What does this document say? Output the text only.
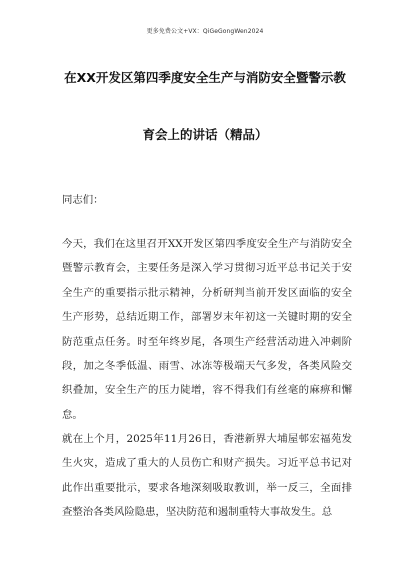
更多免费公文+VX：QiGeGongWen2024
在XX开发区第四季度安全生产与消防安全暨警示教
育会上的讲话（精品）

同志们：

今天，我们在这里召开XX开发区第四季度安全生产与消防安全暨警示教育会，主要任务是深入学习贯彻习近平总书记关于安全生产的重要指示批示精神，分析研判当前开发区面临的安全生产形势，总结近期工作，部署岁末年初这一关键时期的安全防范重点任务。时至年终岁尾，各项生产经营活动进入冲刺阶段，加之冬季低温、雨雪、冰冻等极端天气多发，各类风险交织叠加，安全生产的压力陡增，容不得我们有丝毫的麻痹和懈怠。

就在上个月，2025年11月26日，香港新界大埔屋邨宏福苑发生火灾，造成了重大的人员伤亡和财产损失。习近平总书记对此作出重要批示，要求各地深刻吸取教训，举一反三，全面排查整治各类风险隐患，坚决防范和遏制重特大事故发生。总
